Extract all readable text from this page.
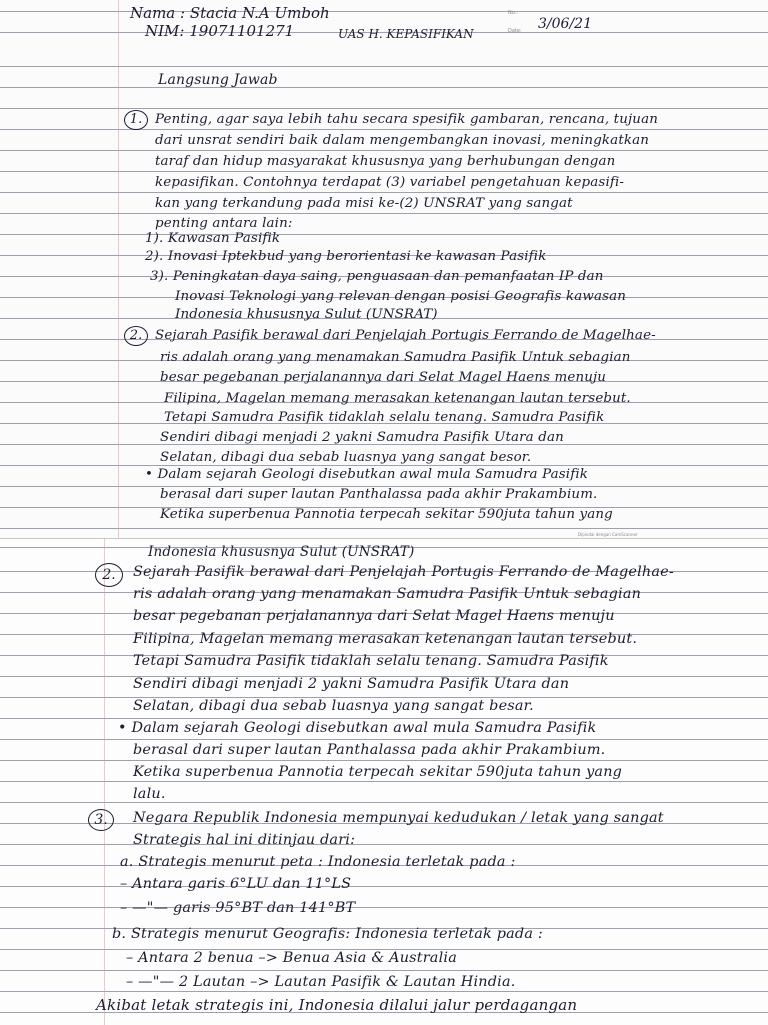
Nama : Stacia N.A Umboh
NIM: 19071101271	UAS H. KEPASIFIKAN
No.:
Date: 3/06/21
Langsung Jawab
1. Penting, agar saya lebih tahu secara spesifik gambaran, rencana, tujuan
dari unsrat sendiri baik dalam mengembangkan inovasi, meningkatkan
taraf dan hidup masyarakat khususnya yang berhubungan dengan
kepasifikan. Contohnya terdapat (3) variabel pengetahuan kepasifi-
kan yang terkandung pada misi ke-(2) UNSRAT yang sangat
penting antara lain:
1). Kawasan Pasifik
2). Inovasi Iptekbud yang berorientasi ke kawasan Pasifik
3). Peningkatan daya saing, penguasaan dan pemanfaatan IP dan
Inovasi Teknologi yang relevan dengan posisi Geografis kawasan
Indonesia khususnya Sulut (UNSRAT)
2. Sejarah Pasifik berawal dari Penjelajah Portugis Ferrando de Magelhae-
ris adalah orang yang menamakan Samudra Pasifik Untuk sebagian
besar pegebanan perjalanannya dari Selat Magel Haens menuju
Filipina, Magelan memang merasakan ketenangan lautan tersebut.
Tetapi Samudra Pasifik tidaklah selalu tenang. Samudra Pasifik
Sendiri dibagi menjadi 2 yakni Samudra Pasifik Utara dan
Selatan, dibagi dua sebab luasnya yang sangat besor.
• Dalam sejarah Geologi disebutkan awal mula Samudra Pasifik
berasal dari super lautan Panthalassa pada akhir Prakambium.
Ketika superbenua Pannotia terpecah sekitar 590juta tahun yang
Dipindai dengan CamScanner
Indonesia khususnya Sulut (UNSRAT)
2.	Sejarah Pasifik berawal dari Penjelajah Portugis Ferrando de Magelhae-
ris adalah orang yang menamakan Samudra Pasifik Untuk sebagian
besar pegebanan perjalanannya dari Selat Magel Haens menuju
Filipina, Magelan memang merasakan ketenangan lautan tersebut.
Tetapi Samudra Pasifik tidaklah selalu tenang. Samudra Pasifik
Sendiri dibagi menjadi 2 yakni Samudra Pasifik Utara dan
Selatan, dibagi dua sebab luasnya yang sangat besar.
• Dalam sejarah Geologi disebutkan awal mula Samudra Pasifik
berasal dari super lautan Panthalassa pada akhir Prakambium.
Ketika superbenua Pannotia terpecah sekitar 590juta tahun yang
lalu.
3.	Negara Republik Indonesia mempunyai kedudukan / letak yang sangat
Strategis hal ini ditinjau dari:
a. Strategis menurut peta : Indonesia terletak pada :
– Antara garis 6°LU dan 11°LS
– —"— garis 95°BT dan 141°BT
b. Strategis menurut Geografis: Indonesia terletak pada :
– Antara 2 benua –> Benua Asia & Australia
– —"— 2 Lautan –> Lautan Pasifik & Lautan Hindia.
Akibat letak strategis ini, Indonesia dilalui jalur perdagangan
